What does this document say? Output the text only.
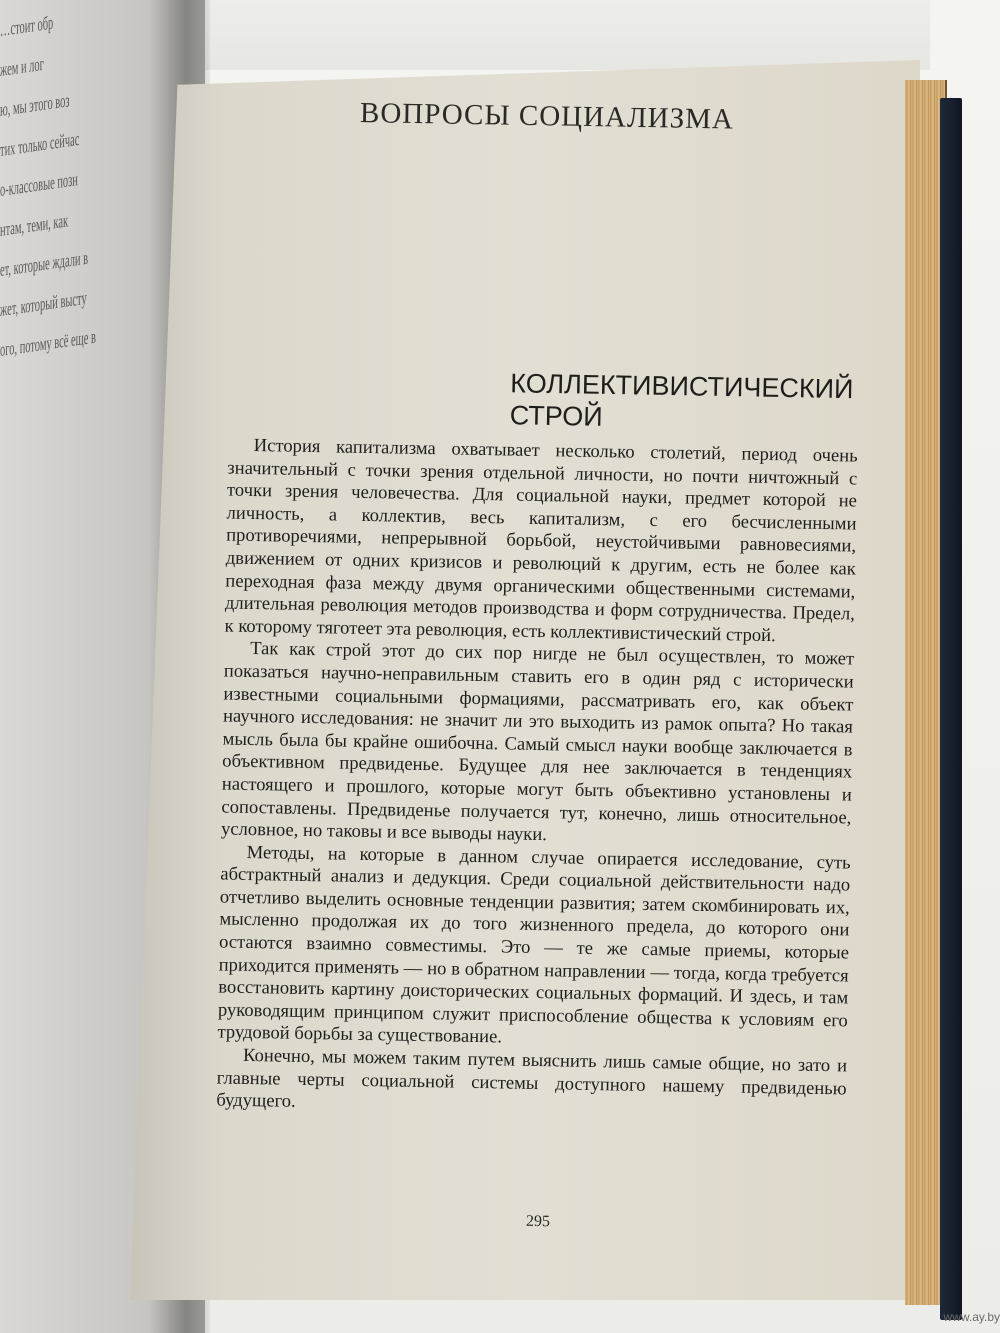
…стоит обр
жем и лог
ю, мы этого воз
тих только сейчас
о-классовые позн
нтам, теми, как
ет, которые ждали в
жет, который высту
ого, потому всё еще в
ВОПРОСЫ СОЦИАЛИЗМА
КОЛЛЕКТИВИСТИЧЕСКИЙ СТРОЙ

История капитализма охватывает несколько столетий, период очень значительный с точки зрения отдельной личности, но почти ничтожный с точки зрения человечества. Для социальной науки, предмет которой не личность, а коллектив, весь капитализм, с его бесчисленными противоречиями, непрерывной борьбой, неустойчивыми равновесиями, движением от одних кризисов и революций к другим, есть не более как переходная фаза между двумя органическими общественными системами, длительная революция методов производства и форм сотрудничества. Предел, к которому тяготеет эта революция, есть коллективистический строй.

Так как строй этот до сих пор нигде не был осуществлен, то может показаться научно-неправильным ставить его в один ряд с исторически известными социальными формациями, рассматривать его, как объект научного исследования: не значит ли это выходить из рамок опыта? Но такая мысль была бы крайне ошибочна. Самый смысл науки вообще заключается в объективном предвиденье. Будущее для нее заключается в тенденциях настоящего и прошлого, которые могут быть объективно установлены и сопоставлены. Предвиденье получается тут, конечно, лишь относительное, условное, но таковы и все выводы науки.

Методы, на которые в данном случае опирается исследование, суть абстрактный анализ и дедукция. Среди социальной действительности надо отчетливо выделить основные тенденции развития; затем скомбинировать их, мысленно продолжая их до того жизненного предела, до которого они остаются взаимно совместимы. Это — те же самые приемы, которые приходится применять — но в обратном направлении — тогда, когда требуется восстановить картину доисторических социальных формаций. И здесь, и там руководящим принципом служит приспособление общества к условиям его трудовой борьбы за существование.

Конечно, мы можем таким путем выяснить лишь самые общие, но зато и главные черты социальной системы доступного нашему предвиденью будущего.

295
www.ay.by
